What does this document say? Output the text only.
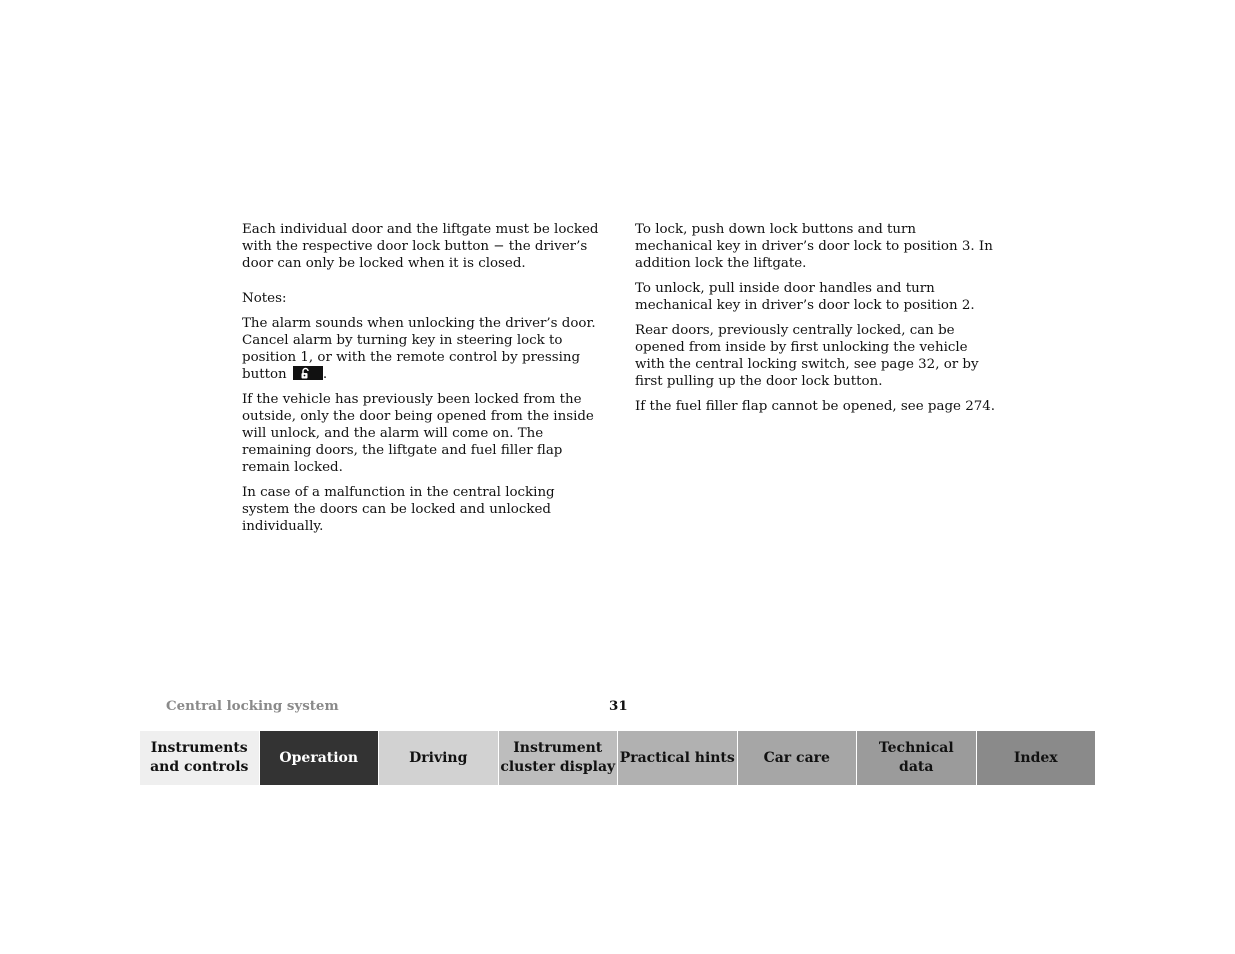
Each individual door and the liftgate must be locked with the respective door lock button − the driver’s door can only be locked when it is closed.

Notes:

The alarm sounds when unlocking the driver’s door. Cancel alarm by turning key in steering lock to position 1, or with the remote control by pressing button
.

If the vehicle has previously been locked from the outside, only the door being opened from the inside will unlock, and the alarm will come on. The remaining doors, the liftgate and fuel filler flap remain locked.

In case of a malfunction in the central locking system the doors can be locked and unlocked individually.

To lock, push down lock buttons and turn mechanical key in driver’s door lock to position 3. In addition lock the liftgate.

To unlock, pull inside door handles and turn mechanical key in driver’s door lock to position 2.

Rear doors, previously centrally locked, can be opened from inside by first unlocking the vehicle with the central locking switch, see page 32, or by first pulling up the door lock button.

If the fuel filler flap cannot be opened, see page 274.

Central locking system	31
Instruments
and controls
Operation	Driving
Instrument
cluster display
Practical hints	Car care
Technical
data
Index
